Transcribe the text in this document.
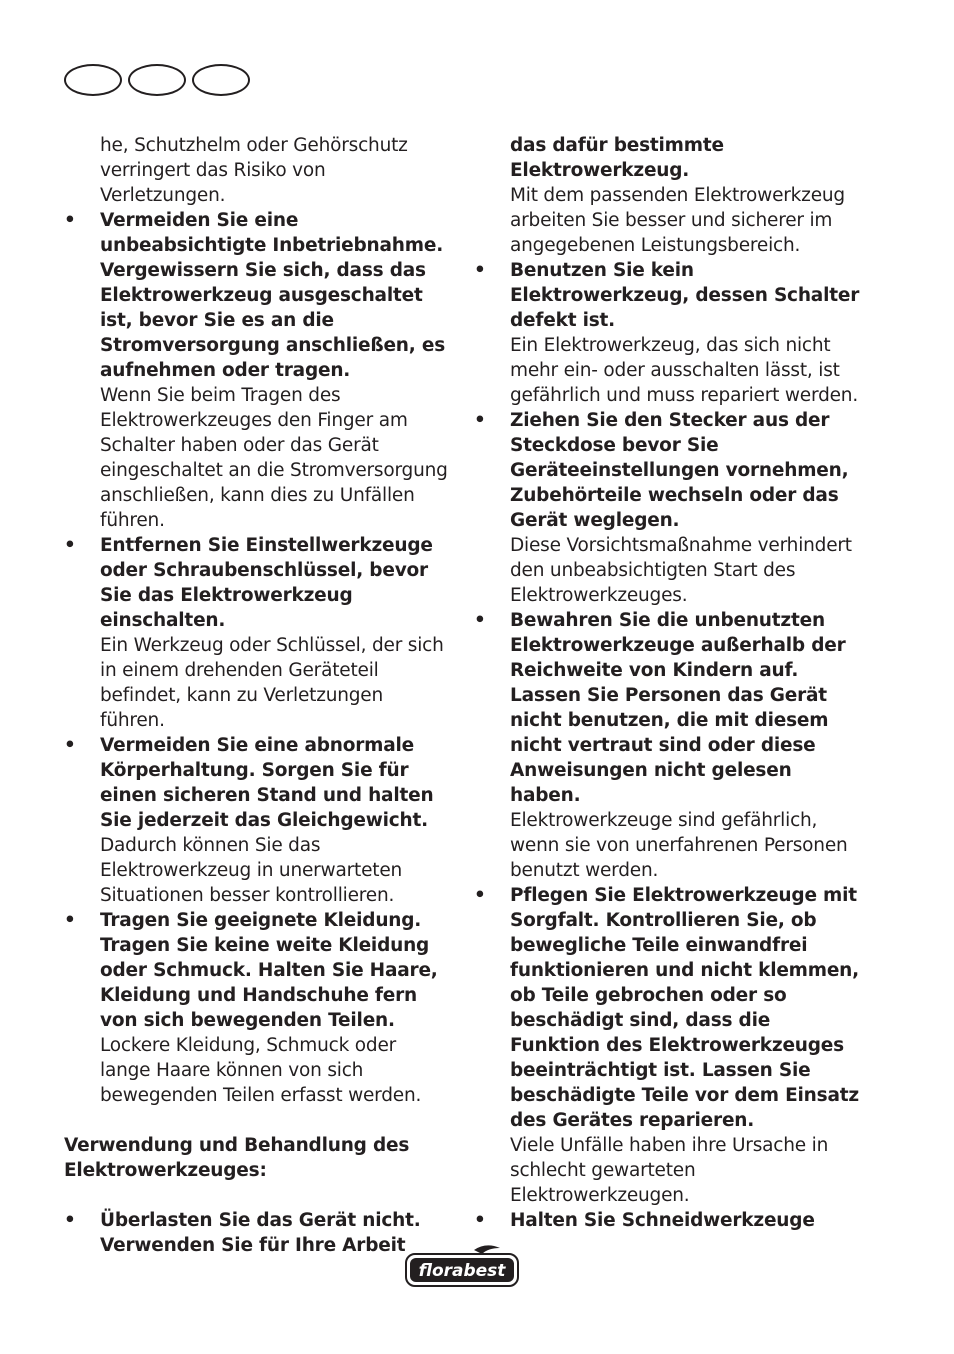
he, Schutzhelm oder Gehörschutz verringert das Risiko von Verletzungen.

• Vermeiden Sie eine unbeabsichtigte Inbetriebnahme. Vergewissern Sie sich, dass das Elektrowerkzeug ausgeschaltet ist, bevor Sie es an die Stromversorgung anschließen, es aufnehmen oder tragen.
Wenn Sie beim Tragen des Elektrowerkzeuges den Finger am Schalter haben oder das Gerät eingeschaltet an die Stromversorgung anschließen, kann dies zu Unfällen führen.
• Entfernen Sie Einstellwerkzeuge oder Schraubenschlüssel, bevor Sie das Elektrowerkzeug einschalten.
Ein Werkzeug oder Schlüssel, der sich in einem drehenden Geräteteil befindet, kann zu Verletzungen führen.
• Vermeiden Sie eine abnormale Körperhaltung. Sorgen Sie für einen sicheren Stand und halten Sie jederzeit das Gleichgewicht.
Dadurch können Sie das Elektrowerkzeug in unerwarteten Situationen besser kontrollieren.
• Tragen Sie geeignete Kleidung. Tragen Sie keine weite Kleidung oder Schmuck. Halten Sie Haare, Kleidung und Handschuhe fern von sich bewegenden Teilen.
Lockere Kleidung, Schmuck oder lange Haare können von sich bewegenden Teilen erfasst werden.

Verwendung und Behandlung des Elektrowerkzeuges:

• Überlasten Sie das Gerät nicht. Verwenden Sie für Ihre Arbeit
das dafür bestimmte Elektrowerkzeug.
Mit dem passenden Elektrowerkzeug arbeiten Sie besser und sicherer im angegebenen Leistungsbereich.
• Benutzen Sie kein Elektrowerkzeug, dessen Schalter defekt ist.
Ein Elektrowerkzeug, das sich nicht mehr ein- oder ausschalten lässt, ist gefährlich und muss repariert werden.
• Ziehen Sie den Stecker aus der Steckdose bevor Sie Geräteeinstellungen vornehmen, Zubehörteile wechseln oder das Gerät weglegen.
Diese Vorsichtsmaßnahme verhindert den unbeabsichtigten Start des Elektrowerkzeuges.
• Bewahren Sie die unbenutzten Elektrowerkzeuge außerhalb der Reichweite von Kindern auf. Lassen Sie Personen das Gerät nicht benutzen, die mit diesem nicht vertraut sind oder diese Anweisungen nicht gelesen haben.
Elektrowerkzeuge sind gefährlich, wenn sie von unerfahrenen Personen benutzt werden.
• Pflegen Sie Elektrowerkzeuge mit Sorgfalt. Kontrollieren Sie, ob bewegliche Teile einwandfrei funktionieren und nicht klemmen, ob Teile gebrochen oder so beschädigt sind, dass die Funktion des Elektrowerkzeuges beeinträchtigt ist. Lassen Sie beschädigte Teile vor dem Einsatz des Gerätes reparieren.
Viele Unfälle haben ihre Ursache in schlecht gewarteten Elektrowerkzeugen.
• Halten Sie Schneidwerkzeuge
florabest
